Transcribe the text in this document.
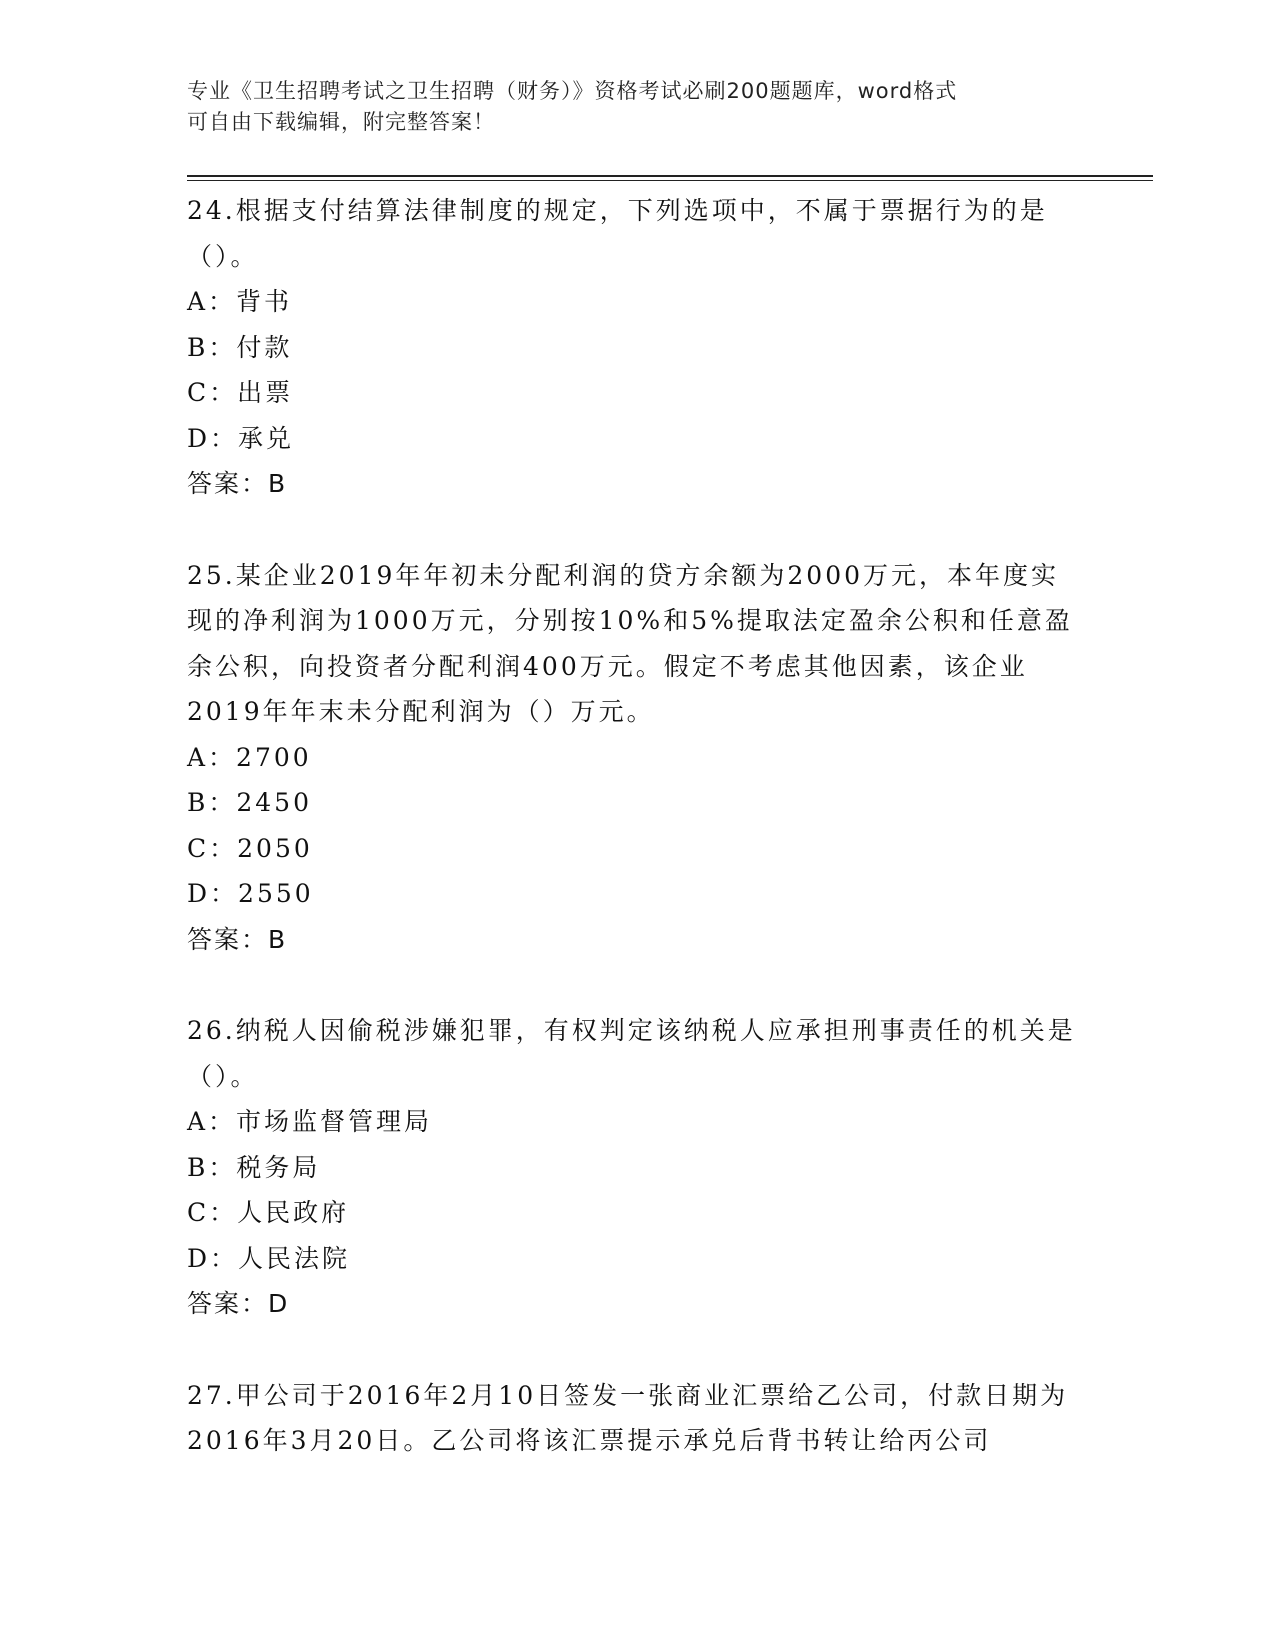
专业《卫生招聘考试之卫生招聘（财务）》资格考试必刷200题题库，word格式
可自由下载编辑，附完整答案！

24.根据支付结算法律制度的规定，下列选项中，不属于票据行为的是（）。

A：背书

B：付款

C：出票

D：承兑

答案：B

25.某企业2019年年初未分配利润的贷方余额为2000万元，本年度实现的净利润为1000万元，分别按10%和5%提取法定盈余公积和任意盈余公积，向投资者分配利润400万元。假定不考虑其他因素，该企业2019年年末未分配利润为（）万元。

A：2700

B：2450

C：2050

D：2550

答案：B

26.纳税人因偷税涉嫌犯罪，有权判定该纳税人应承担刑事责任的机关是（）。

A：市场监督管理局

B：税务局

C：人民政府

D：人民法院

答案：D

27.甲公司于2016年2月10日签发一张商业汇票给乙公司，付款日期为2016年3月20日。乙公司将该汇票提示承兑后背书转让给丙公司
